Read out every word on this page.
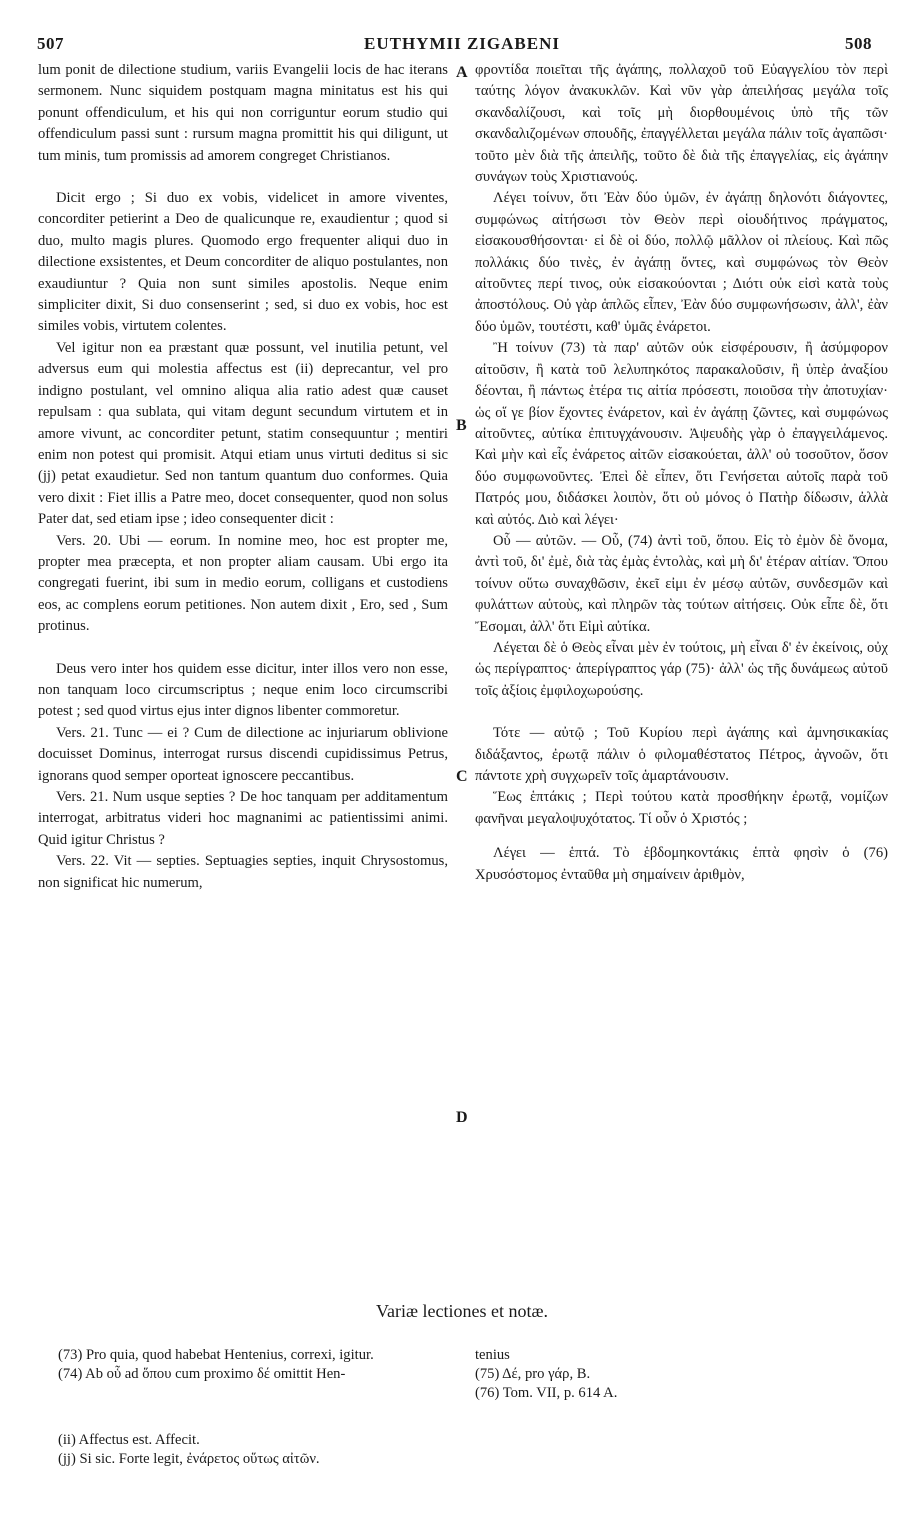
507	EUTHYMII ZIGABENI	508
A
B
C
D

lum ponit de dilectione studium, variis Evangelii locis de hac iterans sermonem. Nunc siquidem postquam magna minitatus est his qui ponunt offendiculum, et his qui non corriguntur eorum studio qui offendiculum passi sunt : rursum magna promittit his qui diligunt, ut tum minis, tum promissis ad amorem congreget Christianos.

Dicit ergo ; Si duo ex vobis, videlicet in amore viventes, concorditer petierint a Deo de qualicunque re, exaudientur ; quod si duo, multo magis plures. Quomodo ergo frequenter aliqui duo in dilectione exsistentes, et Deum concorditer de aliquo postulantes, non exaudiuntur ? Quia non sunt similes apostolis. Neque enim simpliciter dixit, Si duo consenserint ; sed, si duo ex vobis, hoc est similes vobis, virtutem colentes.

Vel igitur non ea præstant quæ possunt, vel inutilia petunt, vel adversus eum qui molestia affectus est (ii) deprecantur, vel pro indigno postulant, vel omnino aliqua alia ratio adest quæ causet repulsam : qua sublata, qui vitam degunt secundum virtutem et in amore vivunt, ac concorditer petunt, statim consequuntur ; mentiri enim non potest qui promisit. Atqui etiam unus virtuti deditus si sic (jj) petat exaudietur. Sed non tantum quantum duo conformes. Quia vero dixit : Fiet illis a Patre meo, docet consequenter, quod non solus Pater dat, sed etiam ipse ; ideo consequenter dicit :

Vers. 20. Ubi — eorum. In nomine meo, hoc est propter me, propter mea præcepta, et non propter aliam causam. Ubi ergo ita congregati fuerint, ibi sum in medio eorum, colligans et custodiens eos, ac complens eorum petitiones. Non autem dixit , Ero, sed , Sum protinus.

Deus vero inter hos quidem esse dicitur, inter illos vero non esse, non tanquam loco circumscriptus ; neque enim loco circumscribi potest ; sed quod virtus ejus inter dignos libenter commoretur.

Vers. 21. Tunc — ei ? Cum de dilectione ac injuriarum oblivione docuisset Dominus, interrogat rursus discendi cupidissimus Petrus, ignorans quod semper oporteat ignoscere peccantibus.

Vers. 21. Num usque septies ? De hoc tanquam per additamentum interrogat, arbitratus videri hoc magnanimi ac patientissimi animi. Quid igitur Christus ?

Vers. 22. Vit — septies. Septuagies septies, inquit Chrysostomus, non significat hic numerum,

φροντίδα ποιεῖται τῆς ἀγάπης, πολλαχοῦ τοῦ Εὐαγγελίου τὸν περὶ ταύτης λόγον ἀνακυκλῶν. Καὶ νῦν γὰρ ἀπειλήσας μεγάλα τοῖς σκανδαλίζουσι, καὶ τοῖς μὴ διορθουμένοις ὑπὸ τῆς τῶν σκανδαλιζομένων σπουδῆς, ἐπαγγέλλεται μεγάλα πάλιν τοῖς ἀγαπῶσι· τοῦτο μὲν διὰ τῆς ἀπειλῆς, τοῦτο δὲ διὰ τῆς ἐπαγγελίας, εἰς ἀγάπην συνάγων τοὺς Χριστιανούς.

Λέγει τοίνυν, ὅτι Ἐὰν δύο ὑμῶν, ἐν ἀγάπῃ δηλονότι διάγοντες, συμφώνως αἰτήσωσι τὸν Θεὸν περὶ οἱουδήτινος πράγματος, εἰσακουσθήσονται· εἰ δὲ οἱ δύο, πολλῷ μᾶλλον οἱ πλείους. Καὶ πῶς πολλάκις δύο τινὲς, ἐν ἀγάπῃ ὄντες, καὶ συμφώνως τὸν Θεὸν αἰτοῦντες περί τινος, οὐκ εἰσακούονται ; Διότι οὐκ εἰσὶ κατὰ τοὺς ἀποστόλους. Οὐ γὰρ ἁπλῶς εἶπεν, Ἐὰν δύο συμφωνήσωσιν, ἀλλ', ἐὰν δύο ὑμῶν, τουτέστι, καθ' ὑμᾶς ἐνάρετοι.

Ἢ τοίνυν (73) τὰ παρ' αὐτῶν οὐκ εἰσφέρουσιν, ἢ ἀσύμφορον αἰτοῦσιν, ἢ κατὰ τοῦ λελυπηκότος παρακαλοῦσιν, ἢ ὑπὲρ ἀναξίου δέονται, ἢ πάντως ἑτέρα τις αἰτία πρόσεστι, ποιοῦσα τὴν ἀποτυχίαν· ὡς οἵ γε βίον ἔχοντες ἐνάρετον, καὶ ἐν ἀγάπῃ ζῶντες, καὶ συμφώνως αἰτοῦντες, αὐτίκα ἐπιτυγχάνουσιν. Ἀψευδὴς γὰρ ὁ ἐπαγγειλάμενος. Καὶ μὴν καὶ εἷς ἐνάρετος αἰτῶν εἰσακούεται, ἀλλ' οὐ τοσοῦτον, ὅσον δύο συμφωνοῦντες. Ἐπεὶ δὲ εἶπεν, ὅτι Γενήσεται αὐτοῖς παρὰ τοῦ Πατρός μου, διδάσκει λοιπὸν, ὅτι οὐ μόνος ὁ Πατὴρ δίδωσιν, ἀλλὰ καὶ αὐτός. Διὸ καὶ λέγει·

Οὗ — αὐτῶν. — Οὗ, (74) ἀντὶ τοῦ, ὅπου. Εἰς τὸ ἐμὸν δὲ ὄνομα, ἀντὶ τοῦ, δι' ἐμὲ, διὰ τὰς ἐμὰς ἐντολὰς, καὶ μὴ δι' ἑτέραν αἰτίαν. Ὅπου τοίνυν οὕτω συναχθῶσιν, ἐκεῖ εἰμι ἐν μέσῳ αὐτῶν, συνδεσμῶν καὶ φυλάττων αὐτοὺς, καὶ πληρῶν τὰς τούτων αἰτήσεις. Οὐκ εἶπε δὲ, ὅτι Ἔσομαι, ἀλλ' ὅτι Εἰμὶ αὐτίκα.

Λέγεται δὲ ὁ Θεὸς εἶναι μὲν ἐν τούτοις, μὴ εἶναι δ' ἐν ἐκείνοις, οὐχ ὡς περίγραπτος· ἀπερίγραπτος γάρ (75)· ἀλλ' ὡς τῆς δυνάμεως αὐτοῦ τοῖς ἀξίοις ἐμφιλοχωρούσης.

Τότε — αὐτῷ ; Τοῦ Κυρίου περὶ ἀγάπης καὶ ἀμνησικακίας διδάξαντος, ἐρωτᾷ πάλιν ὁ φιλομαθέστατος Πέτρος, ἀγνοῶν, ὅτι πάντοτε χρὴ συγχωρεῖν τοῖς ἁμαρτάνουσιν.

Ἕως ἑπτάκις ; Περὶ τούτου κατὰ προσθήκην ἐρωτᾷ, νομίζων φανῆναι μεγαλοψυχότατος. Τί οὖν ὁ Χριστός ;

Λέγει — ἑπτά. Τὸ ἑβδομηκοντάκις ἑπτὰ φησὶν ὁ (76) Χρυσόστομος ἐνταῦθα μὴ σημαίνειν ἀριθμὸν,

Variæ lectiones et notæ.

(73) Pro quia, quod habebat Hentenius, correxi, igitur.

(74) Ab οὗ ad ὅπου cum proximo δέ omittit Hen-

tenius

(75) Δέ, pro γάρ, B.

(76) Tom. VII, p. 614 A.

(ii) Affectus est. Affecit.

(jj) Si sic. Forte legit, ἐνάρετος οὕτως αἰτῶν.
